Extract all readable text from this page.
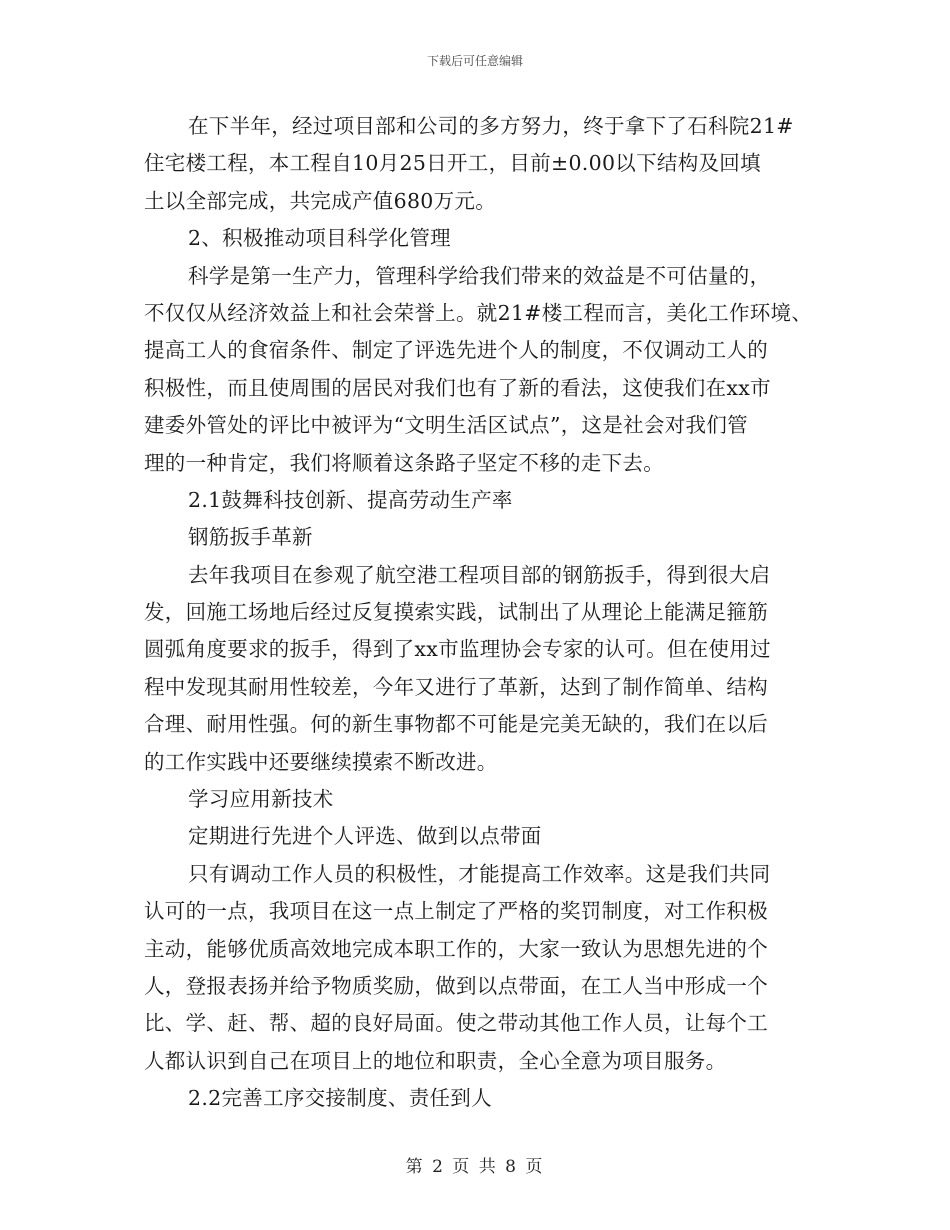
下载后可任意编辑
在下半年，经过项目部和公司的多方努力，终于拿下了石科院21#
住宅楼工程，本工程自10月25日开工，目前±0.00以下结构及回填
土以全部完成，共完成产值680万元。
2、积极推动项目科学化管理
科学是第一生产力，管理科学给我们带来的效益是不可估量的，
不仅仅从经济效益上和社会荣誉上。就21#楼工程而言，美化工作环境、
提高工人的食宿条件、制定了评选先进个人的制度，不仅调动工人的
积极性，而且使周围的居民对我们也有了新的看法，这使我们在xx市
建委外管处的评比中被评为“文明生活区试点”，这是社会对我们管
理的一种肯定，我们将顺着这条路子坚定不移的走下去。
2.1鼓舞科技创新、提高劳动生产率
钢筋扳手革新
去年我项目在参观了航空港工程项目部的钢筋扳手，得到很大启
发，回施工场地后经过反复摸索实践，试制出了从理论上能满足箍筋
圆弧角度要求的扳手，得到了xx市监理协会专家的认可。但在使用过
程中发现其耐用性较差，今年又进行了革新，达到了制作简单、结构
合理、耐用性强。何的新生事物都不可能是完美无缺的，我们在以后
的工作实践中还要继续摸索不断改进。
学习应用新技术
定期进行先进个人评选、做到以点带面
只有调动工作人员的积极性，才能提高工作效率。这是我们共同
认可的一点，我项目在这一点上制定了严格的奖罚制度，对工作积极
主动，能够优质高效地完成本职工作的，大家一致认为思想先进的个
人，登报表扬并给予物质奖励，做到以点带面，在工人当中形成一个
比、学、赶、帮、超的良好局面。使之带动其他工作人员，让每个工
人都认识到自己在项目上的地位和职责，全心全意为项目服务。
2.2完善工序交接制度、责任到人
第 2 页 共 8 页
